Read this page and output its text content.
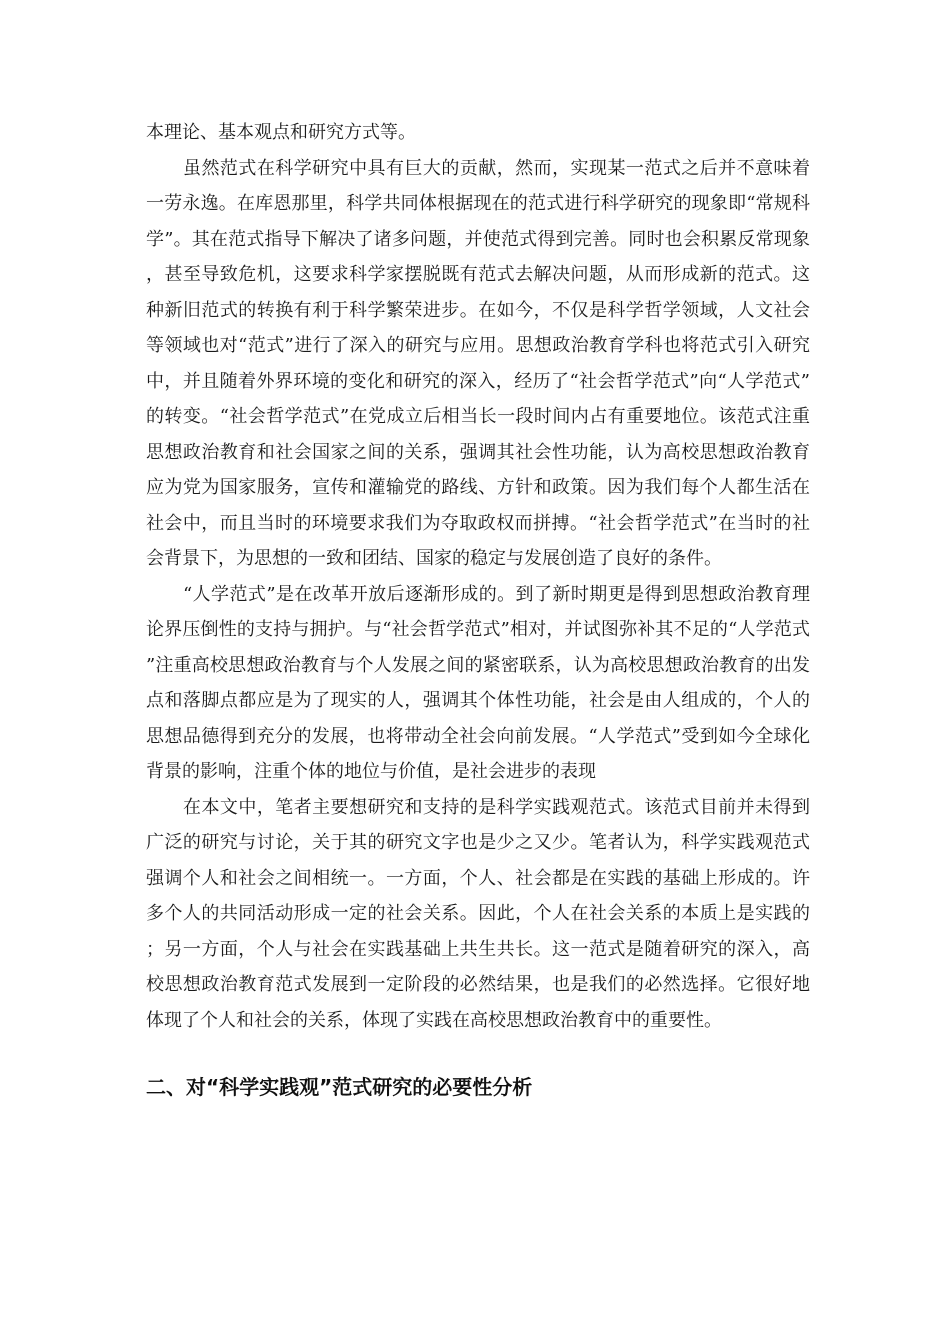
本理论、基本观点和研究方式等。

虽然范式在科学研究中具有巨大的贡献，然而，实现某一范式之后并不意味着一劳永逸。在库恩那里，科学共同体根据现在的范式进行科学研究的现象即“常规科学”。其在范式指导下解决了诸多问题，并使范式得到完善。同时也会积累反常现象，甚至导致危机，这要求科学家摆脱既有范式去解决问题，从而形成新的范式。这种新旧范式的转换有利于科学繁荣进步。在如今，不仅是科学哲学领域，人文社会等领域也对“范式”进行了深入的研究与应用。思想政治教育学科也将范式引入研究中，并且随着外界环境的变化和研究的深入，经历了“社会哲学范式”向“人学范式”的转变。“社会哲学范式”在党成立后相当长一段时间内占有重要地位。该范式注重思想政治教育和社会国家之间的关系，强调其社会性功能，认为高校思想政治教育应为党为国家服务，宣传和灌输党的路线、方针和政策。因为我们每个人都生活在社会中，而且当时的环境要求我们为夺取政权而拼搏。“社会哲学范式”在当时的社会背景下，为思想的一致和团结、国家的稳定与发展创造了良好的条件。

“人学范式”是在改革开放后逐渐形成的。到了新时期更是得到思想政治教育理论界压倒性的支持与拥护。与“社会哲学范式”相对，并试图弥补其不足的“人学范式”注重高校思想政治教育与个人发展之间的紧密联系，认为高校思想政治教育的出发点和落脚点都应是为了现实的人，强调其个体性功能，社会是由人组成的，个人的思想品德得到充分的发展，也将带动全社会向前发展。“人学范式”受到如今全球化背景的影响，注重个体的地位与价值，是社会进步的表现

在本文中，笔者主要想研究和支持的是科学实践观范式。该范式目前并未得到广泛的研究与讨论，关于其的研究文字也是少之又少。笔者认为，科学实践观范式强调个人和社会之间相统一。一方面，个人、社会都是在实践的基础上形成的。许多个人的共同活动形成一定的社会关系。因此，个人在社会关系的本质上是实践的；另一方面，个人与社会在实践基础上共生共长。这一范式是随着研究的深入，高校思想政治教育范式发展到一定阶段的必然结果，也是我们的必然选择。它很好地体现了个人和社会的关系，体现了实践在高校思想政治教育中的重要性。

二、对“科学实践观”范式研究的必要性分析
